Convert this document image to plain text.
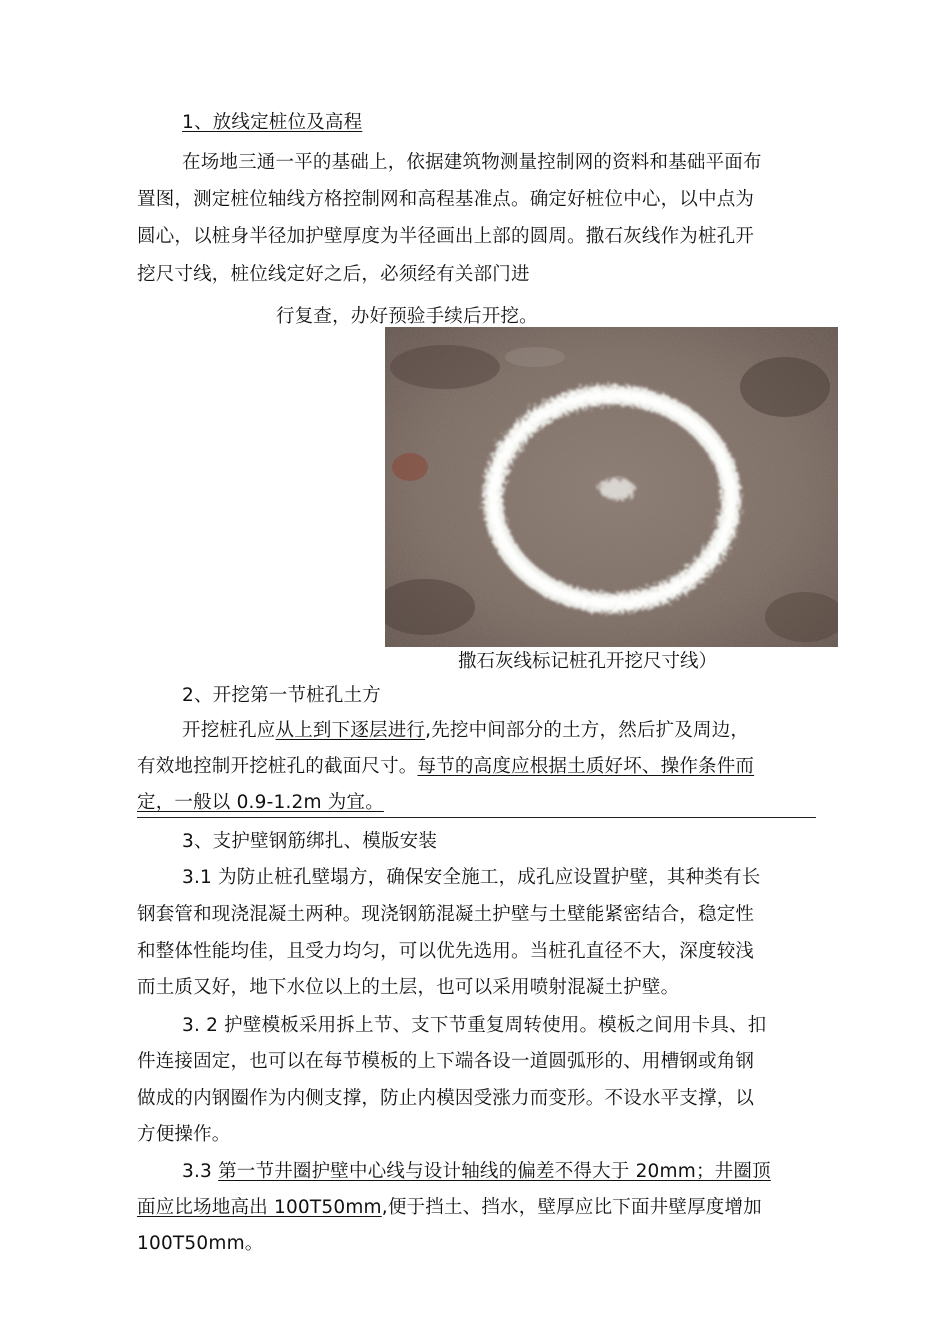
1、放线定桩位及高程
在场地三通一平的基础上，依据建筑物测量控制网的资料和基础平面布
置图，测定桩位轴线方格控制网和高程基准点。确定好桩位中心，以中点为
圆心，以桩身半径加护壁厚度为半径画出上部的圆周。撒石灰线作为桩孔开
挖尺寸线，桩位线定好之后，必须经有关部门进
行复查，办好预验手续后开挖。
撒石灰线标记桩孔开挖尺寸线）
2、开挖第一节桩孔土方
开挖桩孔应从上到下逐层进行,先挖中间部分的土方，然后扩及周边，
有效地控制开挖桩孔的截面尺寸。每节的高度应根据土质好坏、操作条件而
定，一般以 0.9-1.2m 为宜。
3、支护壁钢筋绑扎、模版安装
3.1 为防止桩孔壁塌方，确保安全施工，成孔应设置护壁，其种类有长
钢套管和现浇混凝土两种。现浇钢筋混凝土护壁与土壁能紧密结合，稳定性
和整体性能均佳，且受力均匀，可以优先选用。当桩孔直径不大，深度较浅
而土质又好，地下水位以上的土层，也可以采用喷射混凝土护壁。
3. 2 护壁模板采用拆上节、支下节重复周转使用。模板之间用卡具、扣
件连接固定，也可以在每节模板的上下端各设一道圆弧形的、用槽钢或角钢
做成的内钢圈作为内侧支撑，防止内模因受涨力而变形。不设水平支撑，以
方便操作。
3.3 第一节井圈护壁中心线与设计轴线的偏差不得大于 20mm；井圈顶
面应比场地高出 100T50mm,便于挡土、挡水，壁厚应比下面井壁厚度增加
100T50mm。
